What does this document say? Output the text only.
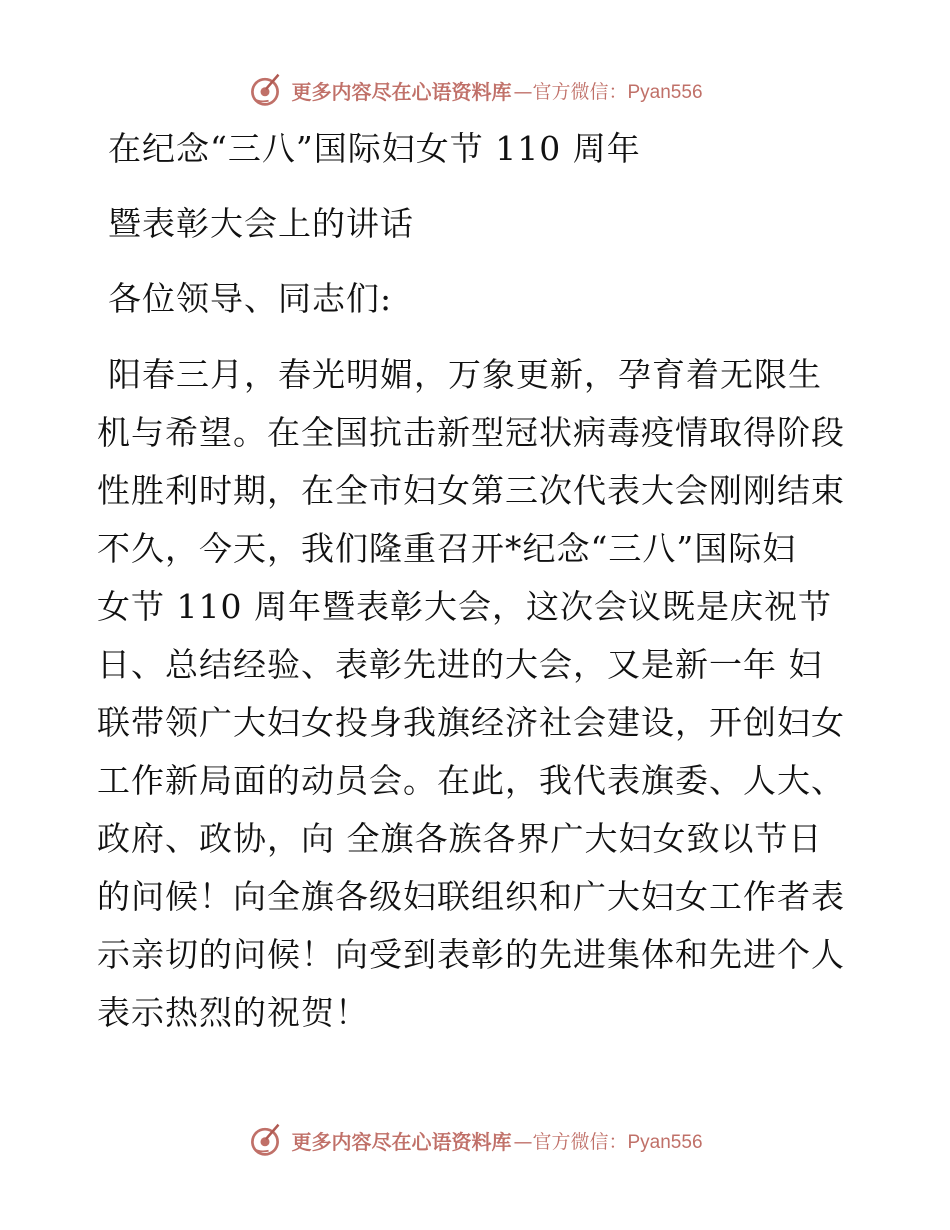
更多内容尽在心语资料库 —官方微信：Pyan556
在纪念“三八”国际妇女节 110 周年
暨表彰大会上的讲话
各位领导、同志们:
阳春三月，春光明媚，万象更新，孕育着无限生
机与希望。在全国抗击新型冠状病毒疫情取得阶段
性胜利时期，在全市妇女第三次代表大会刚刚结束
不久，今天，我们隆重召开*纪念“三八”国际妇
女节 110 周年暨表彰大会，这次会议既是庆祝节
日、总结经验、表彰先进的大会，又是新一年 妇
联带领广大妇女投身我旗经济社会建设，开创妇女
工作新局面的动员会。在此，我代表旗委、人大、
政府、政协，向 全旗各族各界广大妇女致以节日
的问候！向全旗各级妇联组织和广大妇女工作者表
示亲切的问候！向受到表彰的先进集体和先进个人
表示热烈的祝贺！
更多内容尽在心语资料库 —官方微信：Pyan556
